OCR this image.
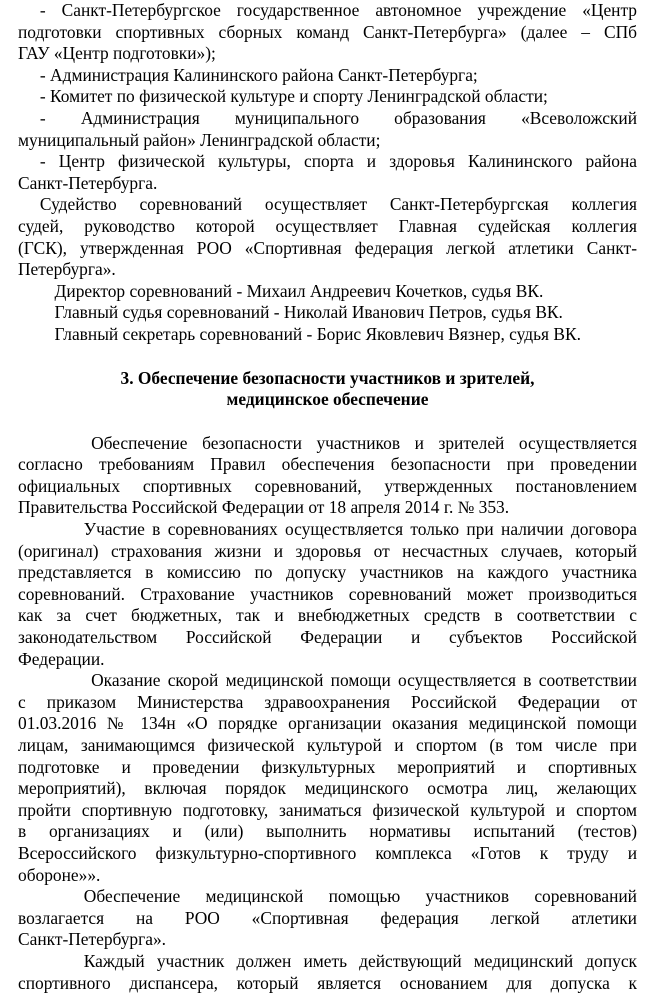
- Санкт-Петербургское государственное автономное учреждение «Центр
подготовки спортивных сборных команд Санкт-Петербурга» (далее – СПб
ГАУ «Центр подготовки»);
- Администрация Калининского района Санкт-Петербурга;
- Комитет по физической культуре и спорту Ленинградской области;
- Администрация муниципального образования «Всеволожский
муниципальный район» Ленинградской области;
- Центр физической культуры, спорта и здоровья Калининского района
Санкт-Петербурга.
Судейство соревнований осуществляет Санкт-Петербургская коллегия
судей, руководство которой осуществляет Главная судейская коллегия
(ГСК), утвержденная РОО «Спортивная федерация легкой атлетики Санкт-
Петербурга».
Директор соревнований - Михаил Андреевич Кочетков, судья ВК.
Главный судья соревнований - Николай Иванович Петров, судья ВК.
Главный секретарь соревнований - Борис Яковлевич Вязнер, судья ВК.
3. Обеспечение безопасности участников и зрителей,
медицинское обеспечение
Обеспечение безопасности участников и зрителей осуществляется
согласно требованиям Правил обеспечения безопасности при проведении
официальных спортивных соревнований, утвержденных постановлением
Правительства Российской Федерации от 18 апреля 2014 г. № 353.
Участие в соревнованиях осуществляется только при наличии договора
(оригинал) страхования жизни и здоровья от несчастных случаев, который
представляется в комиссию по допуску участников на каждого участника
соревнований. Страхование участников соревнований может производиться
как за счет бюджетных, так и внебюджетных средств в соответствии с
законодательством Российской Федерации и субъектов Российской
Федерации.
Оказание скорой медицинской помощи осуществляется в соответствии
с приказом Министерства здравоохранения Российской Федерации от
01.03.2016 № 134н «О порядке организации оказания медицинской помощи
лицам, занимающимся физической культурой и спортом (в том числе при
подготовке и проведении физкультурных мероприятий и спортивных
мероприятий), включая порядок медицинского осмотра лиц, желающих
пройти спортивную подготовку, заниматься физической культурой и спортом
в организациях и (или) выполнить нормативы испытаний (тестов)
Всероссийского физкультурно-спортивного комплекса «Готов к труду и
обороне»».
Обеспечение медицинской помощью участников соревнований
возлагается на РОО «Спортивная федерация легкой атлетики
Санкт-Петербурга».
Каждый участник должен иметь действующий медицинский допуск
спортивного диспансера, который является основанием для допуска к
